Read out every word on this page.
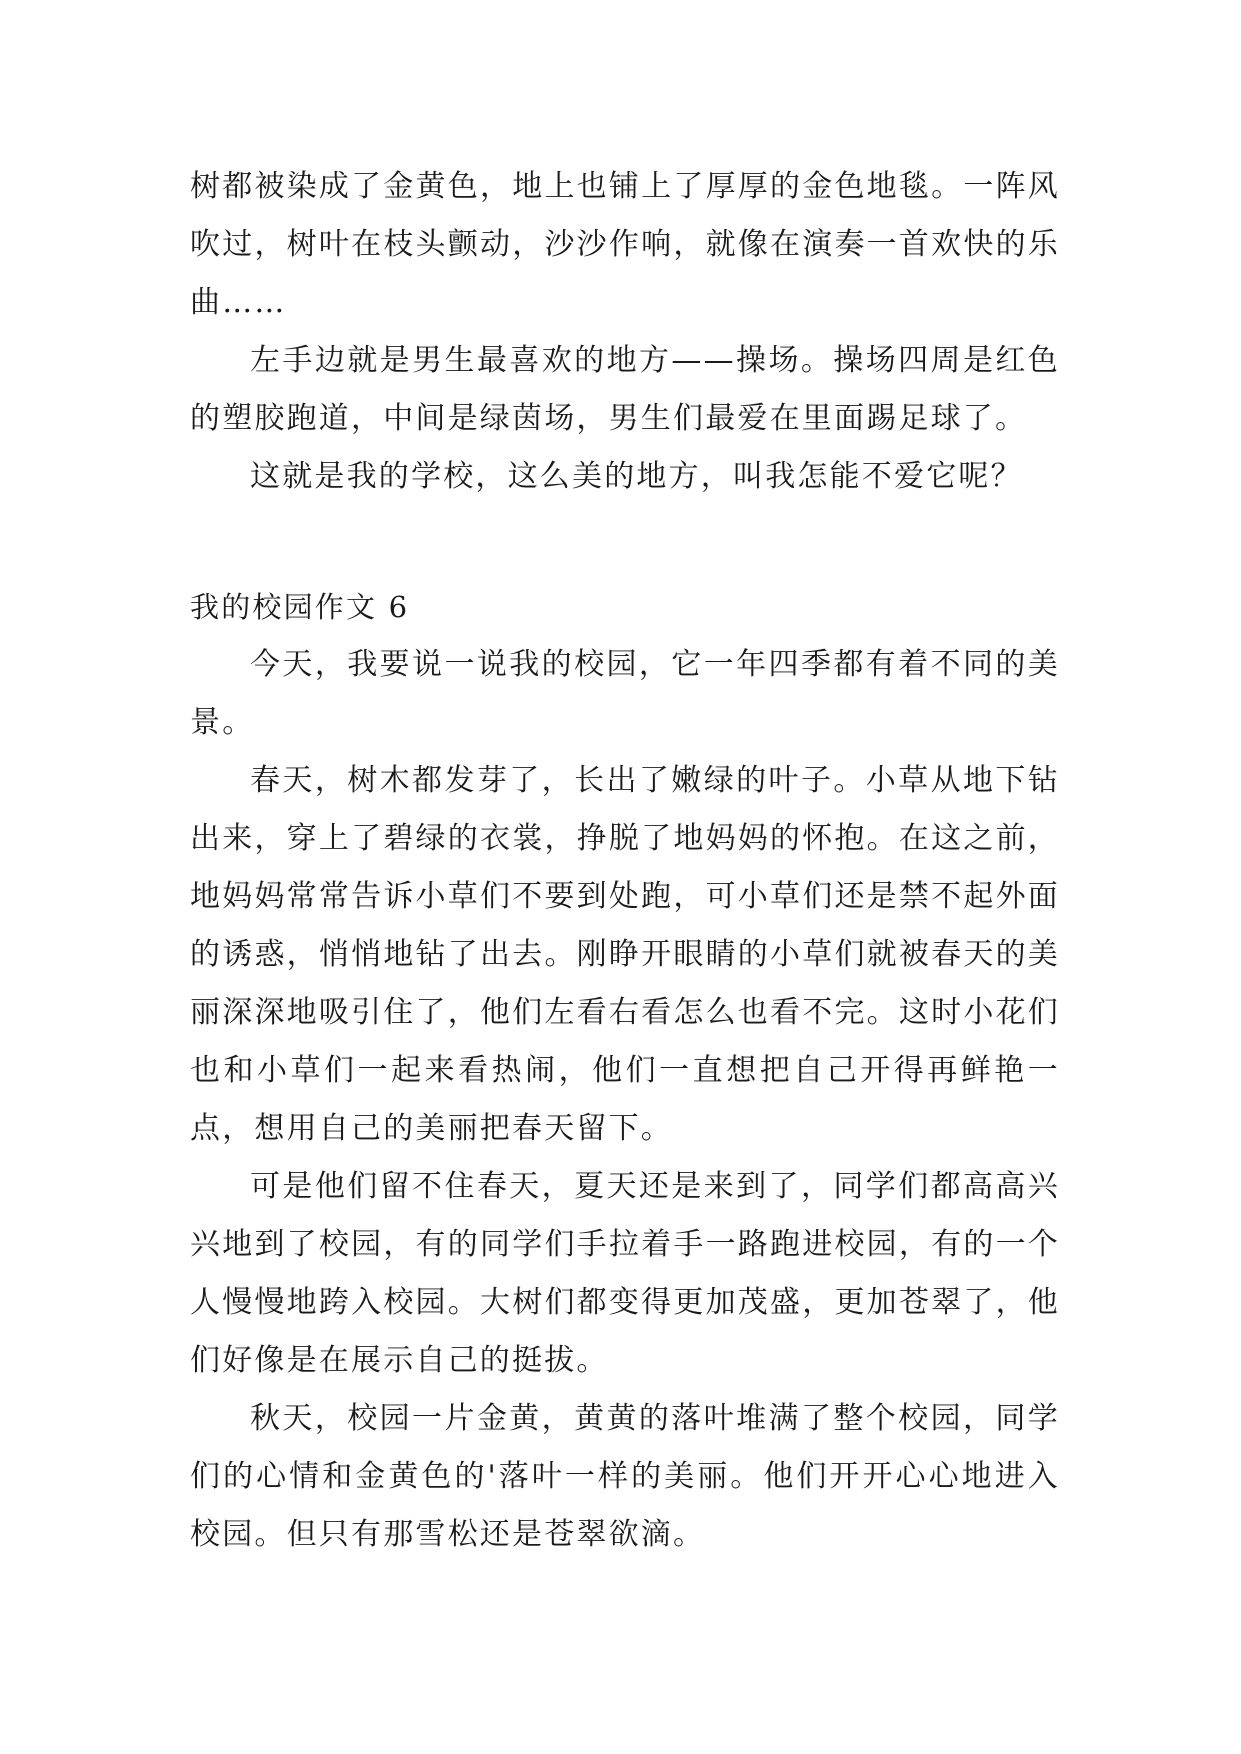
树都被染成了金黄色，地上也铺上了厚厚的金色地毯。一阵风吹过，树叶在枝头颤动，沙沙作响，就像在演奏一首欢快的乐曲……

左手边就是男生最喜欢的地方——操场。操场四周是红色的塑胶跑道，中间是绿茵场，男生们最爱在里面踢足球了。

这就是我的学校，这么美的地方，叫我怎能不爱它呢？

我的校园作文 6

今天，我要说一说我的校园，它一年四季都有着不同的美景。

春天，树木都发芽了，长出了嫩绿的叶子。小草从地下钻出来，穿上了碧绿的衣裳，挣脱了地妈妈的怀抱。在这之前，地妈妈常常告诉小草们不要到处跑，可小草们还是禁不起外面的诱惑，悄悄地钻了出去。刚睁开眼睛的小草们就被春天的美丽深深地吸引住了，他们左看右看怎么也看不完。这时小花们也和小草们一起来看热闹，他们一直想把自己开得再鲜艳一点，想用自己的美丽把春天留下。

可是他们留不住春天，夏天还是来到了，同学们都高高兴兴地到了校园，有的同学们手拉着手一路跑进校园，有的一个人慢慢地跨入校园。大树们都变得更加茂盛，更加苍翠了，他们好像是在展示自己的挺拔。

秋天，校园一片金黄，黄黄的落叶堆满了整个校园，同学们的心情和金黄色的'落叶一样的美丽。他们开开心心地进入校园。但只有那雪松还是苍翠欲滴。
